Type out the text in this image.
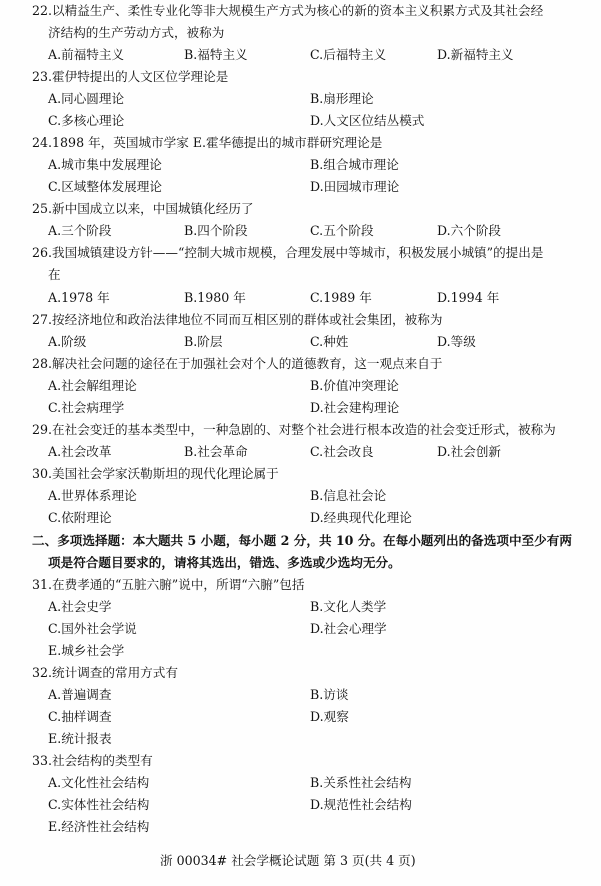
22.以精益生产、柔性专业化等非大规模生产方式为核心的新的资本主义积累方式及其社会经
济结构的生产劳动方式，被称为
A.前福特主义	B.福特主义	C.后福特主义	D.新福特主义
23.霍伊特提出的人文区位学理论是
A.同心圆理论	B.扇形理论
C.多核心理论	D.人文区位结丛模式
24.1898 年，英国城市学家 E.霍华德提出的城市群研究理论是
A.城市集中发展理论	B.组合城市理论
C.区域整体发展理论	D.田园城市理论
25.新中国成立以来，中国城镇化经历了
A.三个阶段	B.四个阶段	C.五个阶段	D.六个阶段
26.我国城镇建设方针——“控制大城市规模，合理发展中等城市，积极发展小城镇”的提出是
在
A.1978 年	B.1980 年	C.1989 年	D.1994 年
27.按经济地位和政治法律地位不同而互相区别的群体或社会集团，被称为
A.阶级	B.阶层	C.种姓	D.等级
28.解决社会问题的途径在于加强社会对个人的道德教育，这一观点来自于
A.社会解组理论	B.价值冲突理论
C.社会病理学	D.社会建构理论
29.在社会变迁的基本类型中，一种急剧的、对整个社会进行根本改造的社会变迁形式，被称为
A.社会改革	B.社会革命	C.社会改良	D.社会创新
30.美国社会学家沃勒斯坦的现代化理论属于
A.世界体系理论	B.信息社会论
C.依附理论	D.经典现代化理论
二、多项选择题：本大题共 5 小题，每小题 2 分，共 10 分。在每小题列出的备选项中至少有两
项是符合题目要求的，请将其选出，错选、多选或少选均无分。
31.在费孝通的“五脏六腑”说中，所谓“六腑”包括
A.社会史学	B.文化人类学
C.国外社会学说	D.社会心理学
E.城乡社会学
32.统计调查的常用方式有
A.普遍调查	B.访谈
C.抽样调查	D.观察
E.统计报表
33.社会结构的类型有
A.文化性社会结构	B.关系性社会结构
C.实体性社会结构	D.规范性社会结构
E.经济性社会结构
浙 00034# 社会学概论试题 第 3 页(共 4 页)
